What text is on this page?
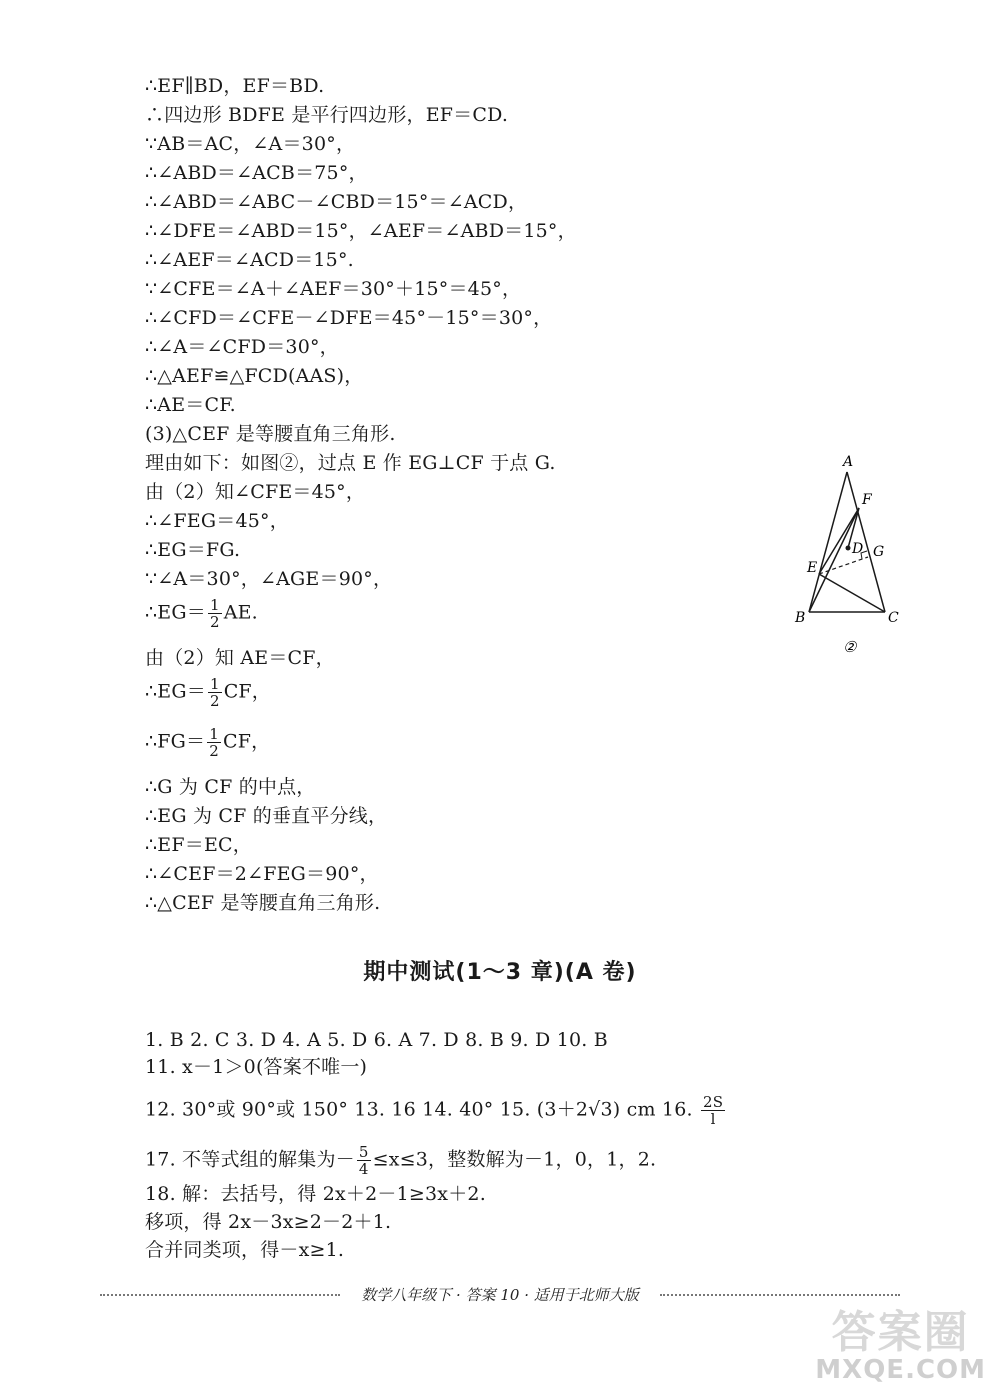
∴EF∥BD，EF＝BD.
∴四边形 BDFE 是平行四边形，EF＝CD.
∵AB＝AC，∠A＝30°，
∴∠ABD＝∠ACB＝75°，
∴∠ABD＝∠ABC－∠CBD＝15°＝∠ACD，
∴∠DFE＝∠ABD＝15°，∠AEF＝∠ABD＝15°，
∴∠AEF＝∠ACD＝15°.
∵∠CFE＝∠A＋∠AEF＝30°＋15°＝45°，
∴∠CFD＝∠CFE－∠DFE＝45°－15°＝30°，
∴∠A＝∠CFD＝30°，
∴△AEF≌△FCD(AAS)，
∴AE＝CF.
(3)△CEF 是等腰直角三角形.
理由如下：如图②，过点 E 作 EG⊥CF 于点 G.
由（2）知∠CFE＝45°，
∴∠FEG＝45°，
∴EG＝FG.
∵∠A＝30°，∠AGE＝90°，
∴EG＝ $\frac{1}{2}$ AE.
由（2）知 AE＝CF，
∴EG＝ $\frac{1}{2}$ CF，
∴FG＝ $\frac{1}{2}$ CF，
∴G 为 CF 的中点，
∴EG 为 CF 的垂直平分线，
∴EF＝EC，
∴∠CEF＝2∠FEG＝90°，
∴△CEF 是等腰直角三角形.
A
F
D G
E
B	C
②
期中测试(1～3 章)(A 卷)
1. B 2. C 3. D 4. A 5. D 6. A 7. D 8. B 9. D 10. B
11. x－1＞0(答案不唯一)
12. 30°或 90°或 150° 13. 16 14. 40° 15. (3＋2√3) cm 16. $\frac{2S}{l}$
17. 不等式组的解集为－ $\frac{5}{4} \le x\le 3$，整数解为－1，0，1，2.
18. 解：去括号，得 2x＋2－1≥3x＋2.
移项，得 2x－3x≥2－2＋1.
合并同类项，得－x≥1.
数学八年级下 · 答案 10 · 适用于北师大版
答案圈
MXQE.COM
